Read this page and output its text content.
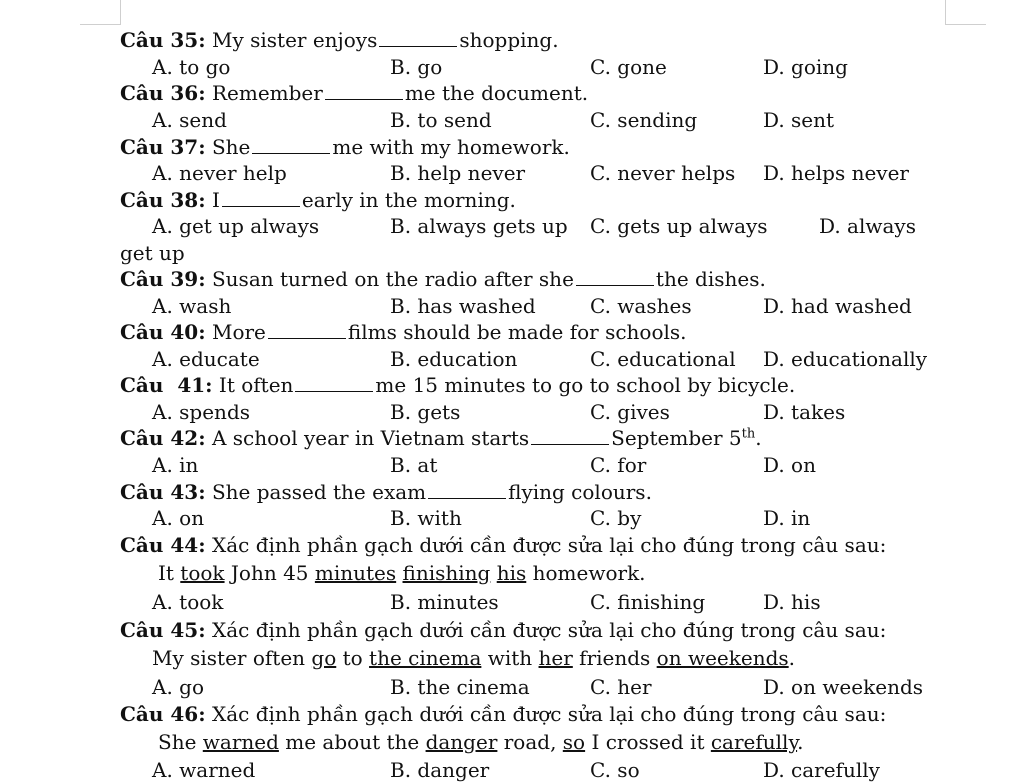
Câu 35: My sister enjoys	shopping.
A. to go	B. go	C. gone	D. going
Câu 36: Remember	me the document.
A. send	B. to send	C. sending	D. sent
Câu 37: She	me with my homework.
A. never help	B. help never	C. never helps D. helps never
Câu 38: I	early in the morning.
A. get up always	B. always gets up C. gets up always	D. always
get up
Câu 39: Susan turned on the radio after she	the dishes.
A. wash	B. has washed	C. washes	D. had washed
Câu 40: More	films should be made for schools.
A. educate	B. education	C. educational D. educationally
Câu  41: It often	me 15 minutes to go to school by bicycle.
A. spends	B. gets	C. gives	D. takes
Câu 42: A school year in Vietnam starts	September 5th.
A. in	B. at	C. for	D. on
Câu 43: She passed the exam	flying colours.
A. on	B. with	C. by	D. in
Câu 44: Xác định phần gạch dưới cần được sửa lại cho đúng trong câu sau:
It took John 45 minutes finishing his homework.
A. took	B. minutes	C. finishing	D. his
Câu 45: Xác định phần gạch dưới cần được sửa lại cho đúng trong câu sau:
My sister often go to the cinema with her friends on weekends.
A. go	B. the cinema	C. her	D. on weekends
Câu 46: Xác định phần gạch dưới cần được sửa lại cho đúng trong câu sau:
She warned me about the danger road, so I crossed it carefully.
A. warned	B. danger	C. so	D. carefully
